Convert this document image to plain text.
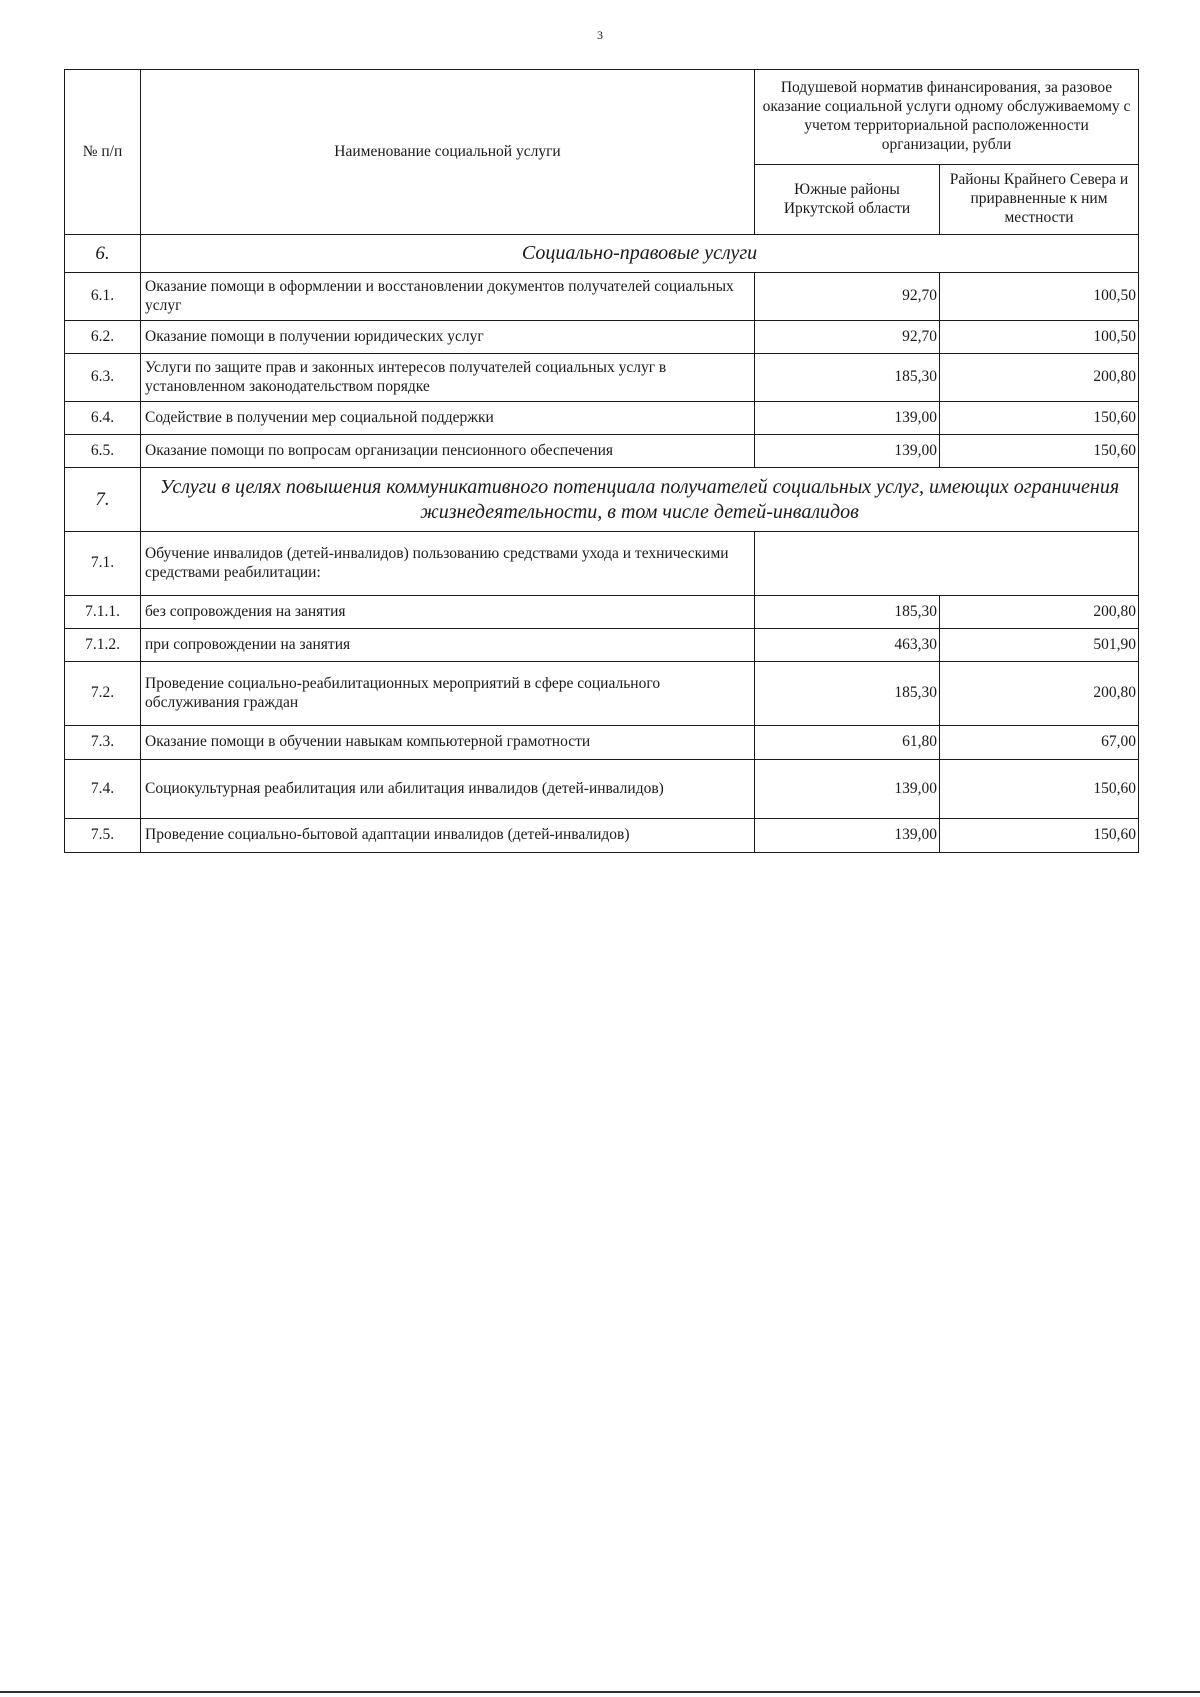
3
№ п/п	Наименование социальной услуги	Подушевой норматив финансирования, за разовое оказание социальной услуги одному обслуживаемому с учетом территориальной расположенности организации, рубли	
		Южные районы Иркутской области	Районы Крайнего Севера и приравненные к ним местности
6.	Социально-правовые услуги		
6.1.	Оказание помощи в оформлении и восстановлении документов получателей социальных услуг	92,70	100,50
6.2.	Оказание помощи в получении юридических услуг	92,70	100,50
6.3.	Услуги по защите прав и законных интересов получателей социальных услуг в установленном законодательством порядке	185,30	200,80
6.4.	Содействие в получении мер социальной поддержки	139,00	150,60
6.5.	Оказание помощи по вопросам организации пенсионного обеспечения	139,00	150,60
7.	Услуги в целях повышения коммуникативного потенциала получателей социальных услуг, имеющих ограничения жизнедеятельности, в том числе детей-инвалидов		
7.1.	Обучение инвалидов (детей-инвалидов) пользованию средствами ухода и техническими средствами реабилитации:		
7.1.1.	без сопровождения на занятия	185,30	200,80
7.1.2.	при сопровождении на занятия	463,30	501,90
7.2.	Проведение социально-реабилитационных мероприятий в сфере социального обслуживания граждан	185,30	200,80
7.3.	Оказание помощи в обучении навыкам компьютерной грамотности	61,80	67,00
7.4.	Социокультурная реабилитация или абилитация инвалидов (детей-инвалидов)	139,00	150,60
7.5.	Проведение социально-бытовой адаптации инвалидов (детей-инвалидов)	139,00	150,60
